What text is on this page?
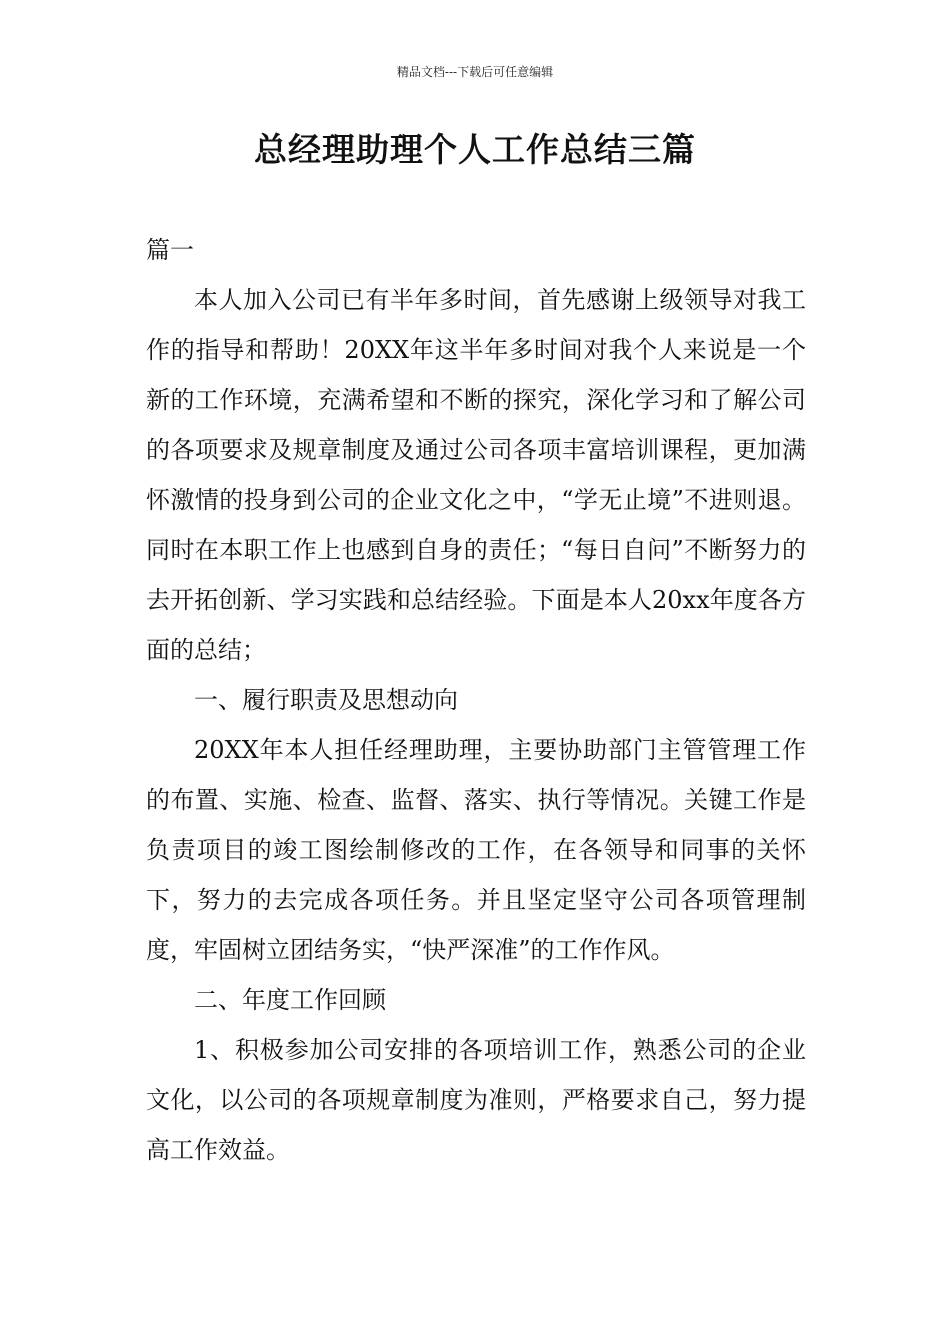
精品文档---下载后可任意编辑
总经理助理个人工作总结三篇

篇一

本人加入公司已有半年多时间，首先感谢上级领导对我工作的指导和帮助！20XX年这半年多时间对我个人来说是一个新的工作环境，充满希望和不断的探究，深化学习和了解公司的各项要求及规章制度及通过公司各项丰富培训课程，更加满怀激情的投身到公司的企业文化之中，“学无止境”不进则退。同时在本职工作上也感到自身的责任；“每日自问”不断努力的去开拓创新、学习实践和总结经验。下面是本人20xx年度各方面的总结；

一、履行职责及思想动向

20XX年本人担任经理助理，主要协助部门主管管理工作的布置、实施、检查、监督、落实、执行等情况。关键工作是负责项目的竣工图绘制修改的工作，在各领导和同事的关怀下，努力的去完成各项任务。并且坚定坚守公司各项管理制度，牢固树立团结务实，“快严深准”的工作作风。

二、年度工作回顾

1、积极参加公司安排的各项培训工作，熟悉公司的企业文化，以公司的各项规章制度为准则，严格要求自己，努力提高工作效益。
